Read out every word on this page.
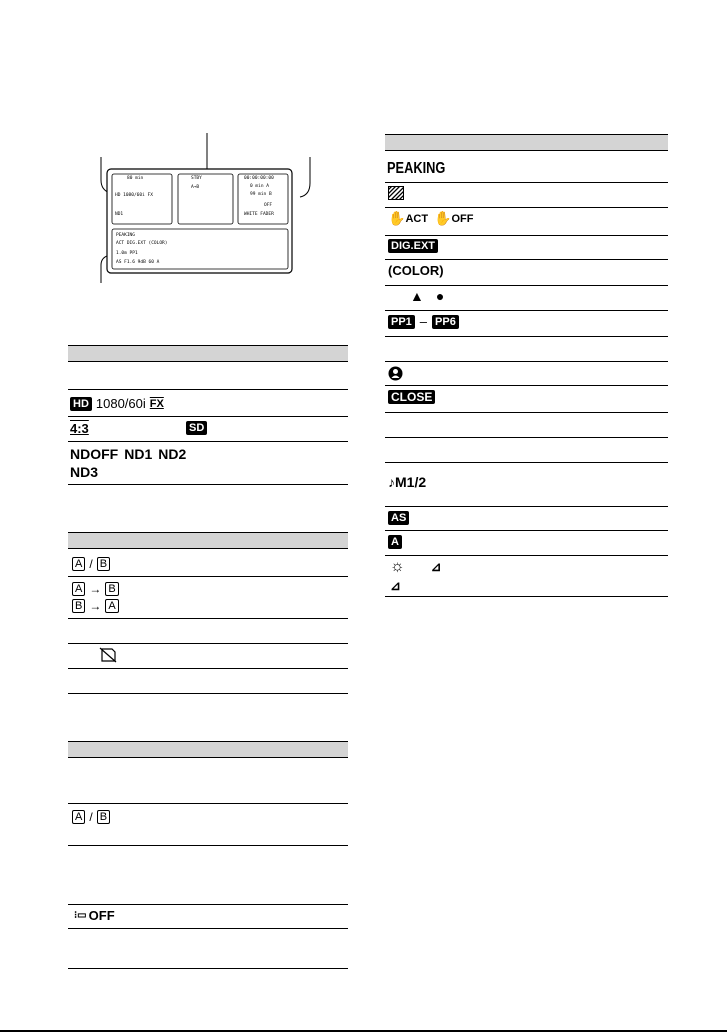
80 min
HD 1080/60i FX
ND1
STBY
A→B
00:00:00:00
0 min A
99 min B
OFF
WHITE FADER
PEAKING
ACT DIG.EXT (COLOR)
1.0m PP1
AS F1.6 9dB 60 A
HD 1080/60i FX
4:3	SD
NDOFF ND1 ND2
ND3
A / B
A → B
B → A
A / B
⁝▭ OFF
PEAKING
✋ ACT ✋ OFF
DIG.EXT
( COLOR )
▲ ●
PP1 – PP6
CLOSE
♪ M1/2
AS
A
☼ ⊿
⊿
